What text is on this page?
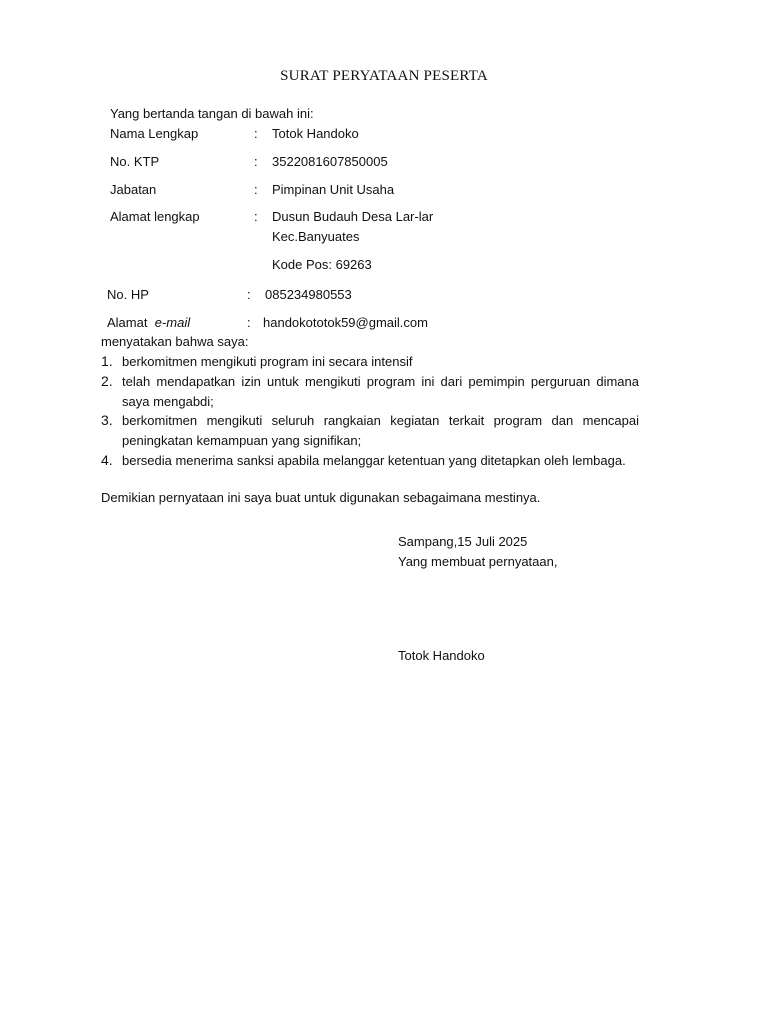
SURAT PERYATAAN PESERTA
Yang bertanda tangan di bawah ini:
Nama Lengkap	: Totok Handoko
No. KTP	: 3522081607850005
Jabatan	: Pimpinan Unit Usaha
Alamat lengkap	: Dusun Budauh Desa Lar-lar
Kec.Banyuates
Kode Pos: 69263
No. HP	: 085234980553
Alamat e-mail	: handokototok59@gmail.com
menyatakan bahwa saya:
1. berkomitmen mengikuti program ini secara intensif
2. telah mendapatkan izin untuk mengikuti program ini dari pemimpin perguruan dimana saya mengabdi;
3. berkomitmen mengikuti seluruh rangkaian kegiatan terkait program dan mencapai peningkatan kemampuan yang signifikan;
4. bersedia menerima sanksi apabila melanggar ketentuan yang ditetapkan oleh lembaga.
Demikian pernyataan ini saya buat untuk digunakan sebagaimana mestinya.
Sampang,15 Juli 2025
Yang membuat pernyataan,
Totok Handoko
